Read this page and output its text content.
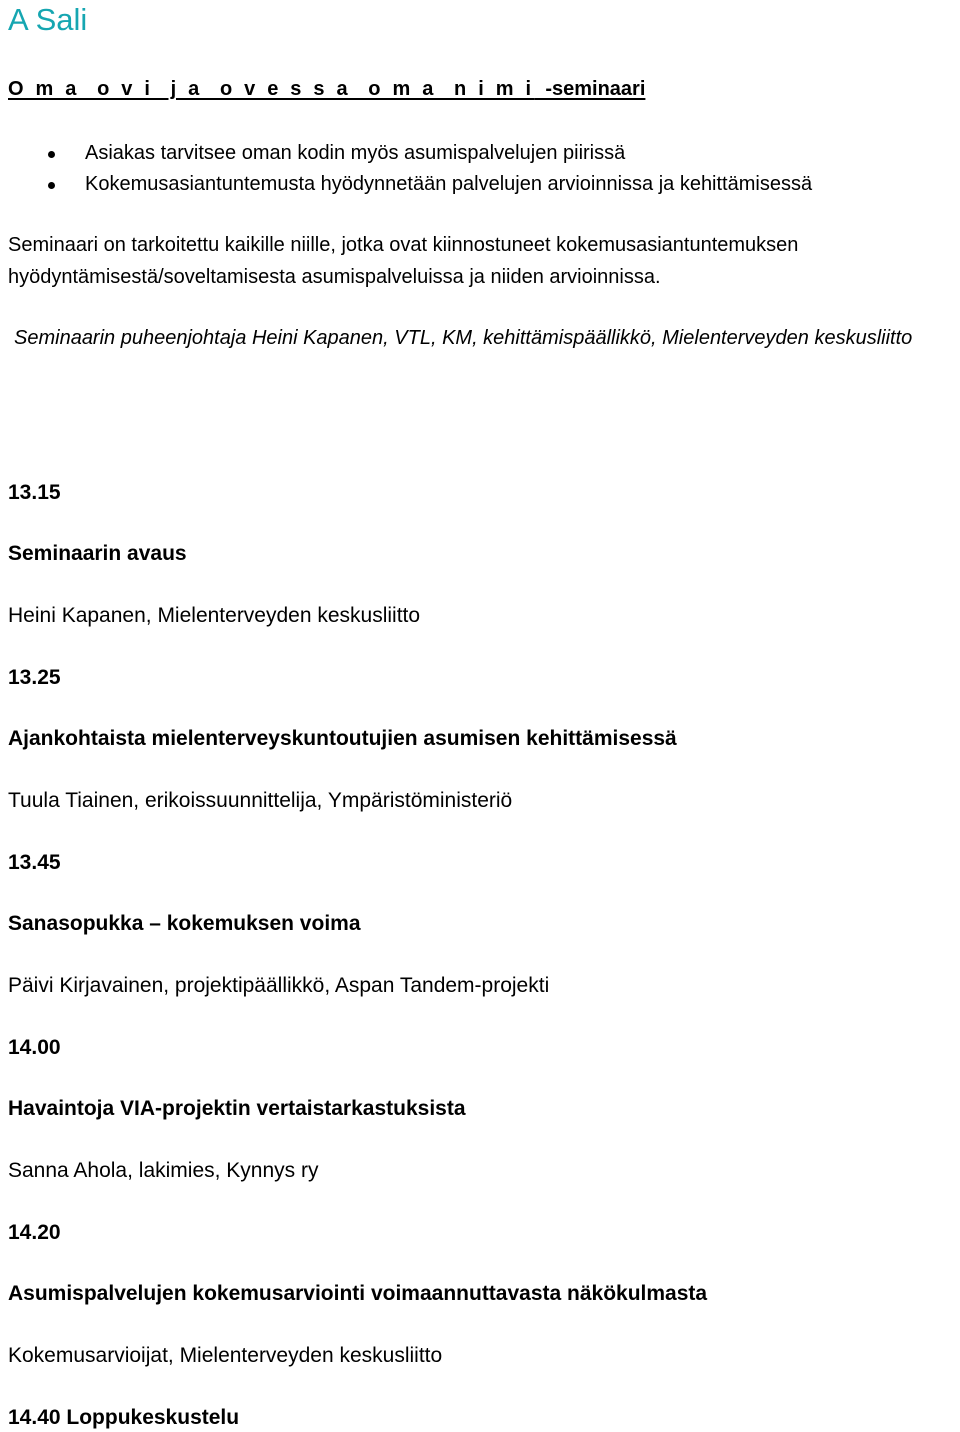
A Sali
O m a  o v i  j a  o v e s s a  o m a  n i m i  -seminaari
Asiakas tarvitsee oman kodin myös asumispalvelujen piirissä
Kokemusasiantuntemusta hyödynnetään palvelujen arvioinnissa ja kehittämisessä

Seminaari on tarkoitettu kaikille niille, jotka ovat kiinnostuneet kokemusasiantuntemuksen hyödyntämisestä/soveltamisesta asumispalveluissa ja niiden arvioinnissa.

Seminaarin puheenjohtaja Heini Kapanen, VTL, KM, kehittämispäällikkö, Mielenterveyden keskusliitto

13.15
Seminaarin avaus
Heini Kapanen, Mielenterveyden keskusliitto
13.25
Ajankohtaista mielenterveyskuntoutujien asumisen kehittämisessä
Tuula Tiainen, erikoissuunnittelija, Ympäristöministeriö
13.45
Sanasopukka – kokemuksen voima
Päivi Kirjavainen, projektipäällikkö, Aspan Tandem-projekti
14.00
Havaintoja VIA-projektin vertaistarkastuksista
Sanna Ahola, lakimies, Kynnys ry
14.20
Asumispalvelujen kokemusarviointi voimaannuttavasta näkökulmasta
Kokemusarvioijat, Mielenterveyden keskusliitto
14.40 Loppukeskustelu
